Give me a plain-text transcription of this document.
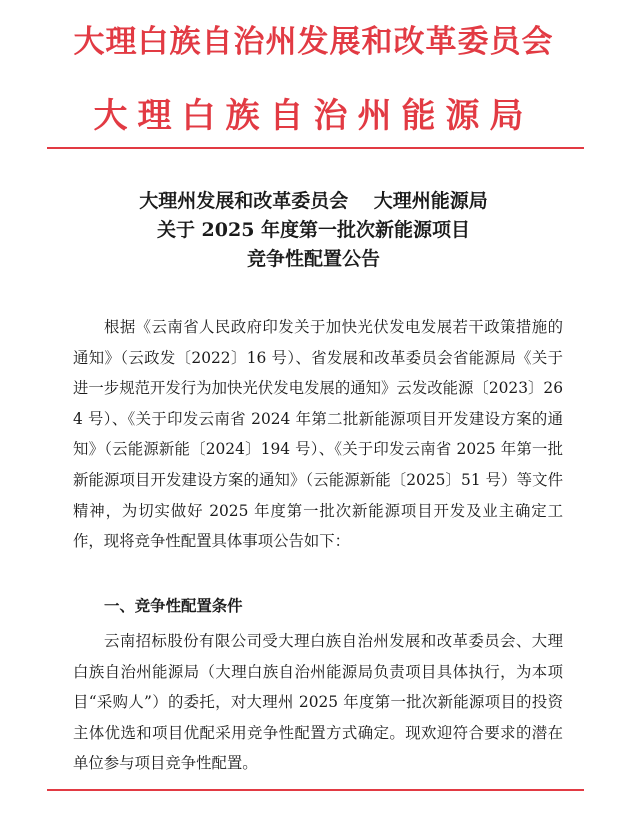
大理白族自治州发展和改革委员会
大理白族自治州能源局
大理州发展和改革委员会　 大理州能源局
关于 2025 年度第一批次新能源项目
竞争性配置公告
根据《云南省人民政府印发关于加快光伏发电发展若干政策措施的通知》（云政发〔2022〕16 号）、省发展和改革委员会省能源局《关于进一步规范开发行为加快光伏发电发展的通知》云发改能源〔2023〕264 号）、《关于印发云南省 2024 年第二批新能源项目开发建设方案的通知》（云能源新能〔2024〕194 号）、《关于印发云南省 2025 年第一批新能源项目开发建设方案的通知》（云能源新能〔2025〕51 号）等文件精神，为切实做好 2025 年度第一批次新能源项目开发及业主确定工作，现将竞争性配置具体事项公告如下：
一、竞争性配置条件
云南招标股份有限公司受大理白族自治州发展和改革委员会、大理白族自治州能源局（大理白族自治州能源局负责项目具体执行，为本项目“采购人”）的委托，对大理州 2025 年度第一批次新能源项目的投资主体优选和项目优配采用竞争性配置方式确定。现欢迎符合要求的潜在单位参与项目竞争性配置。
